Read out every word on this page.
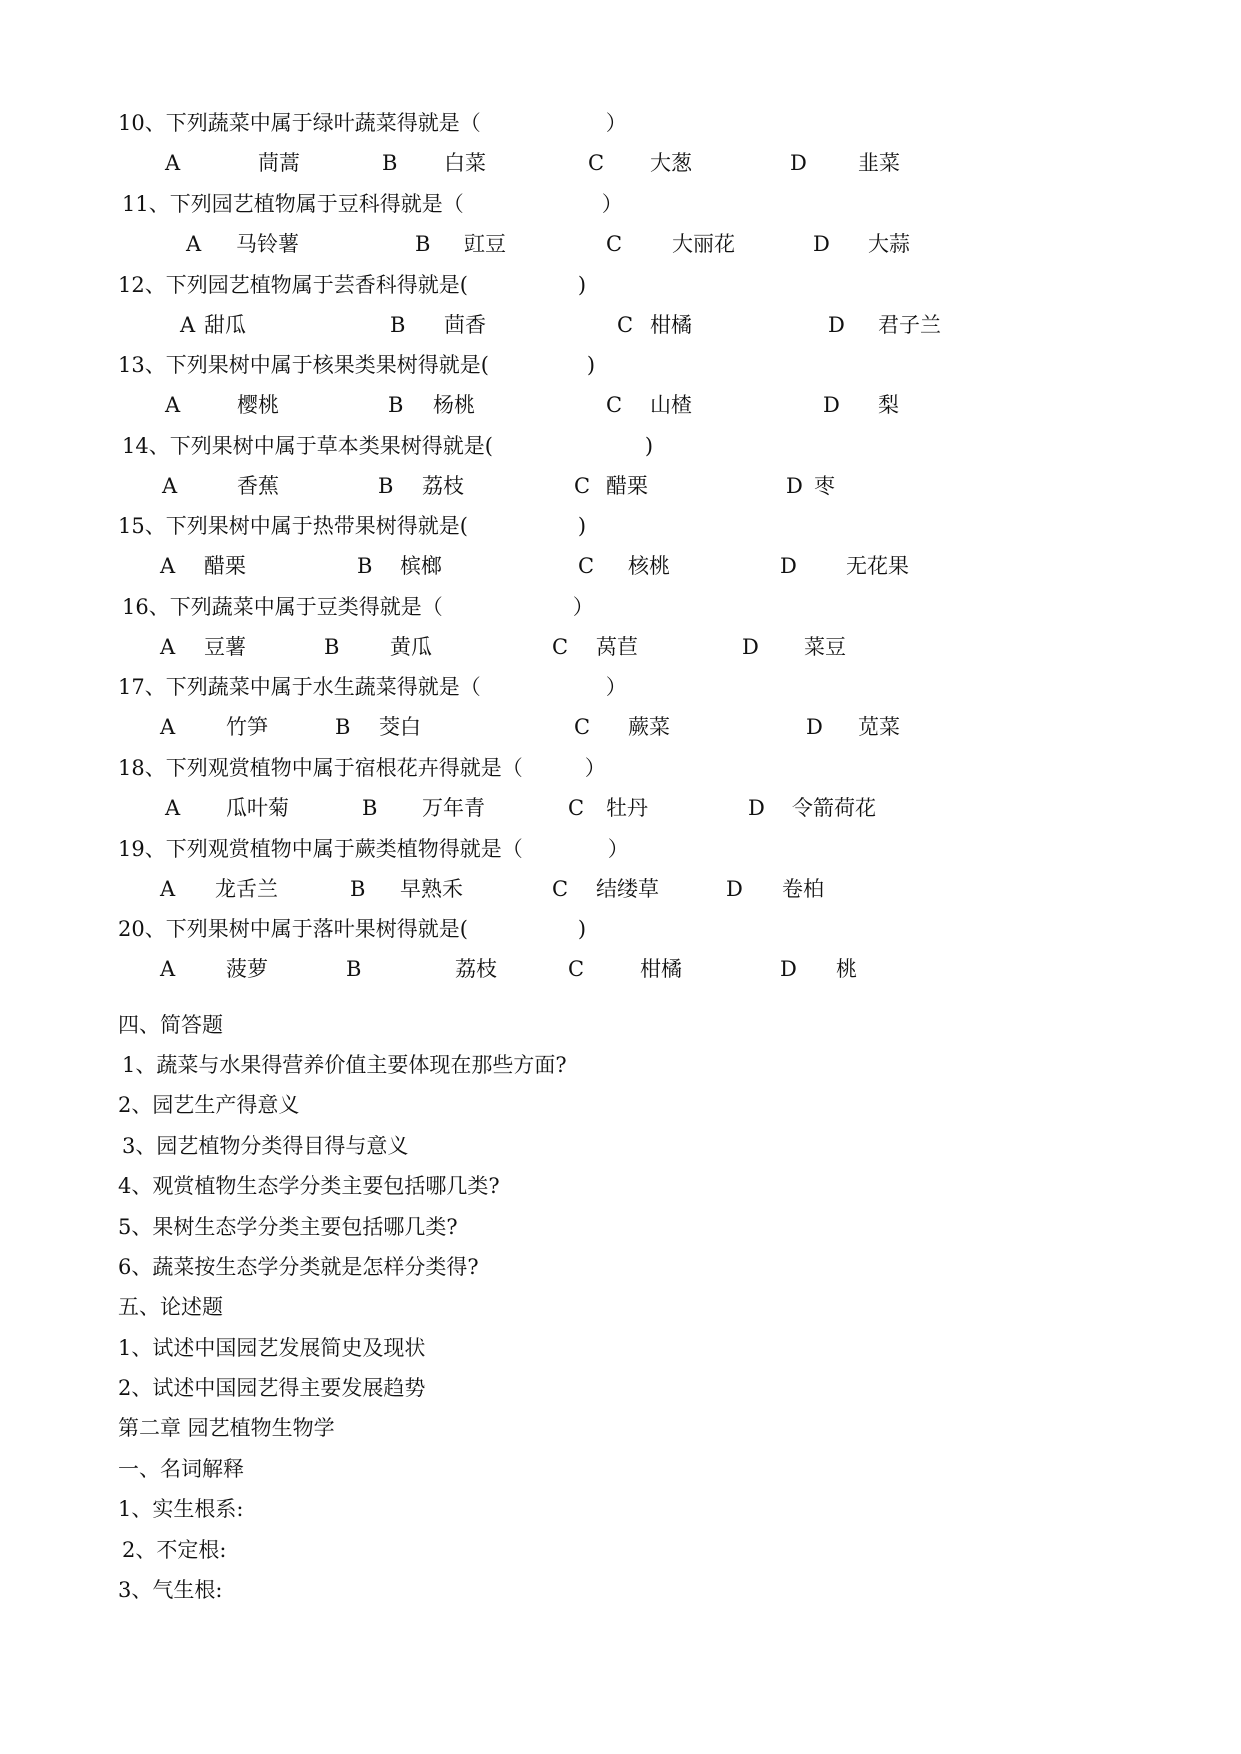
10、下列蔬菜中属于绿叶蔬菜得就是（	）
A	茼蒿	B 白菜	C 大葱	D 韭菜
11、下列园艺植物属于豆科得就是（	）
A 马铃薯	B 豇豆	C 大丽花	D 大蒜
12、下列园艺植物属于芸香科得就是(	)
A 甜瓜	B 茴香	C 柑橘	D 君子兰
13、下列果树中属于核果类果树得就是(	)
A	樱桃	B 杨桃	C 山楂	D 梨
14、下列果树中属于草本类果树得就是(	)
A	香蕉	B 荔枝	C 醋栗	D 枣
15、下列果树中属于热带果树得就是(	)
A 醋栗	B 槟榔	C 核桃	D 无花果
16、下列蔬菜中属于豆类得就是（	）
A 豆薯	B 黄瓜	C 莴苣	D 菜豆
17、下列蔬菜中属于水生蔬菜得就是（	）
A 竹笋	B 茭白	C 蕨菜	D 苋菜
18、下列观赏植物中属于宿根花卉得就是（	）
A 瓜叶菊	B 万年青	C 牡丹	D 令箭荷花
19、下列观赏植物中属于蕨类植物得就是（	）
A 龙舌兰	B 早熟禾	C 结缕草	D 卷柏
20、下列果树中属于落叶果树得就是(	)
A 菠萝	B	荔枝	C	柑橘	D 桃
四、简答题
1、蔬菜与水果得营养价值主要体现在那些方面?
2、园艺生产得意义
3、园艺植物分类得目得与意义
4、观赏植物生态学分类主要包括哪几类?
5、果树生态学分类主要包括哪几类?
6、蔬菜按生态学分类就是怎样分类得?
五、论述题
1、试述中国园艺发展简史及现状
2、试述中国园艺得主要发展趋势
第二章 园艺植物生物学
一、名词解释
1、实生根系:
2、不定根:
3、气生根:
